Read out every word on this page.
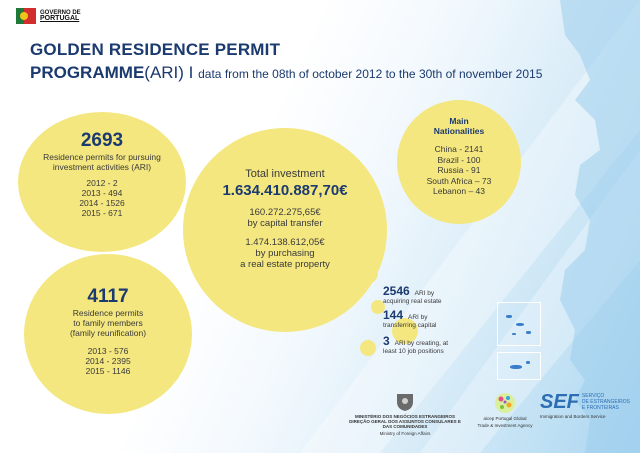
GOVERNO DE
PORTUGAL
GOLDEN RESIDENCE PERMIT
PROGRAMME(ARI) I data from the 08th of october 2012 to the 30th of november 2015
2693
Residence permits for pursuing
investment activities (ARI)
2012 - 2
2013 - 494
2014 - 1526
2015 - 671
4117
Residence permits
to family members
(family reunification)
2013 - 576
2014 - 2395
2015 - 1146
Total investment
1.634.410.887,70€
160.272.275,65€
by capital transfer
1.474.138.612,05€
by purchasing
a real estate property
Main
Nationalities
China - 2141
Brazil - 100
Russia - 91
South Africa – 73
Lebanon – 43
2546 ARI by
acquiring real estate
144 ARI by
transferring capital
3 ARI by creating, at
least 10 job positions
MINISTÉRIO DOS NEGÓCIOS ESTRANGEIROS
DIREÇÃO GERAL DOS ASSUNTOS CONSULARES E
DAS COMUNIDADES
Ministry of Foreign Affairs
aicep Portugal Global
Trade & Investment Agency
SEF SERVIÇO
DE ESTRANGEIROS
E FRONTEIRAS
Immigration and Borders Service
